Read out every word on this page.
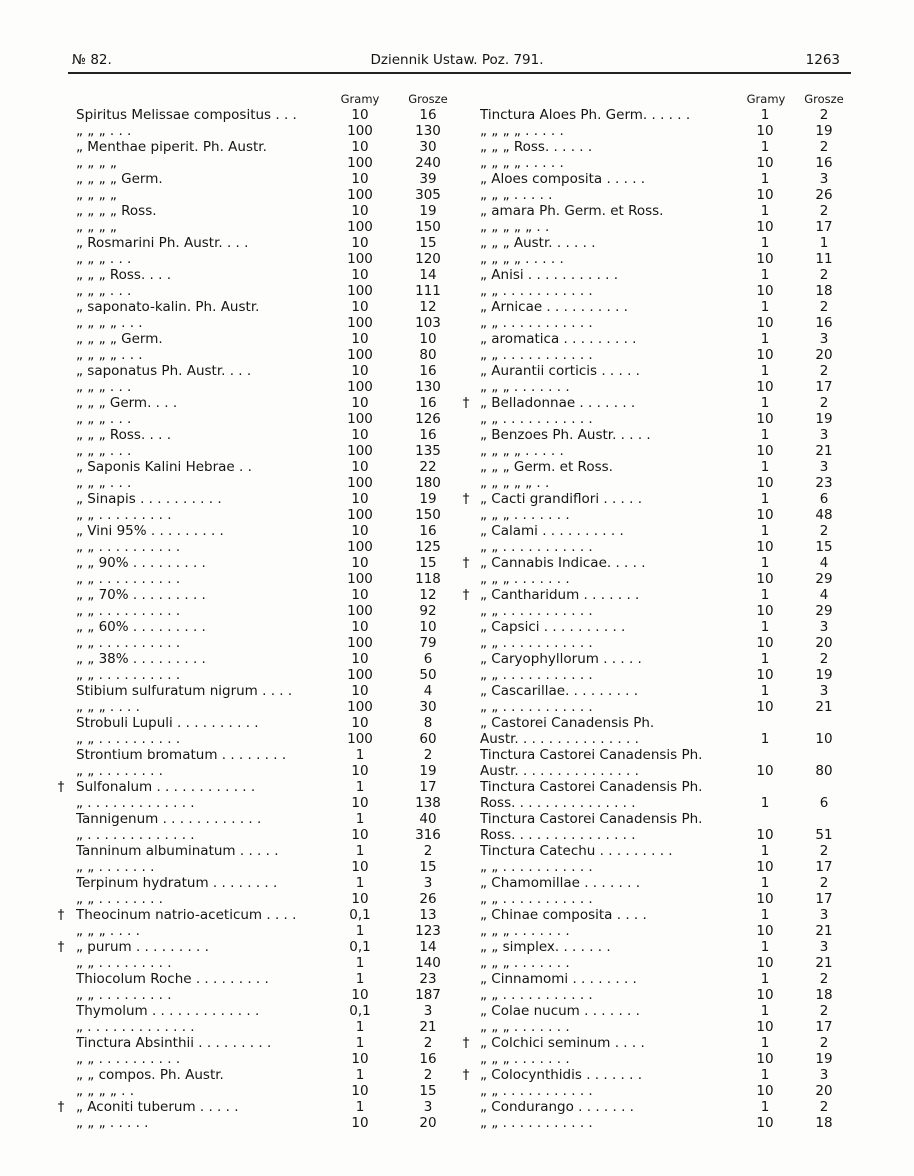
№ 82.	Dziennik Ustaw. Poz. 791.	1263
Gramy	Grosze
Spiritus Melissae compositus . . .	10	16
„ „ „ . . .	100	130
„ Menthae piperit. Ph. Austr.	10	30
„ „ „ „	100	240
„ „ „ „ Germ.	10	39
„ „ „ „	100	305
„ „ „ „ Ross.	10	19
„ „ „ „	100	150
„ Rosmarini Ph. Austr. . . .	10	15
„ „ „ . . .	100	120
„ „ „ Ross. . . .	10	14
„ „ „ . . .	100	111
„ saponato-kalin. Ph. Austr.	10	12
„ „ „ „ . . .	100	103
„ „ „ „ Germ.	10	10
„ „ „ „ . . .	100	80
„ saponatus Ph. Austr. . . .	10	16
„ „ „ . . .	100	130
„ „ „ Germ. . . .	10	16
„ „ „ . . .	100	126
„ „ „ Ross. . . .	10	16
„ „ „ . . .	100	135
„ Saponis Kalini Hebrae . .	10	22
„ „ „ . . .	100	180
„ Sinapis . . . . . . . . . .	10	19
„ „ . . . . . . . . .	100	150
„ Vini 95% . . . . . . . . .	10	16
„ „ . . . . . . . . . .	100	125
„ „ 90% . . . . . . . . .	10	15
„ „ . . . . . . . . . .	100	118
„ „ 70% . . . . . . . . .	10	12
„ „ . . . . . . . . . .	100	92
„ „ 60% . . . . . . . . .	10	10
„ „ . . . . . . . . . .	100	79
„ „ 38% . . . . . . . . .	10	6
„ „ . . . . . . . . . .	100	50
Stibium sulfuratum nigrum . . . .	10	4
„ „ „ . . . .	100	30
Strobuli Lupuli . . . . . . . . . .	10	8
„ „ . . . . . . . . . .	100	60
Strontium bromatum . . . . . . . .	1	2
„ „ . . . . . . . .	10	19
† Sulfonalum . . . . . . . . . . . .	1	17
„ . . . . . . . . . . . . .	10	138
Tannigenum . . . . . . . . . . . .	1	40
„ . . . . . . . . . . . . .	10	316
Tanninum albuminatum . . . . .	1	2
„ „ . . . . . . .	10	15
Terpinum hydratum . . . . . . . .	1	3
„ „ . . . . . . . .	10	26
† Theocinum natrio-aceticum . . . .	0,1	13
„ „ „ . . . .	1	123
† „ purum . . . . . . . . .	0,1	14
„ „ . . . . . . . . .	1	140
Thiocolum Roche . . . . . . . . .	1	23
„ „ . . . . . . . . .	10	187
Thymolum . . . . . . . . . . . . .	0,1	3
„ . . . . . . . . . . . . .	1	21
Tinctura Absinthii . . . . . . . . .	1	2
„ „ . . . . . . . . . .	10	16
„ „ compos. Ph. Austr.	1	2
„ „ „ „ . .	10	15
† „ Aconiti tuberum . . . . .	1	3
„ „ „ . . . . .	10	20
Gramy	Grosze
Tinctura Aloes Ph. Germ. . . . . .	1	2
„ „ „ „ . . . . .	10	19
„ „ „ Ross. . . . . .	1	2
„ „ „ „ . . . . .	10	16
„ Aloes composita . . . . .	1	3
„ „ „ . . . . .	10	26
„ amara Ph. Germ. et Ross.	1	2
„ „ „ „ „ . .	10	17
„ „ „ Austr. . . . . .	1	1
„ „ „ „ . . . . .	10	11
„ Anisi . . . . . . . . . . .	1	2
„ „ . . . . . . . . . . .	10	18
„ Arnicae . . . . . . . . . .	1	2
„ „ . . . . . . . . . . .	10	16
„ aromatica . . . . . . . . .	1	3
„ „ . . . . . . . . . . .	10	20
„ Aurantii corticis . . . . .	1	2
„ „ „ . . . . . . .	10	17
† „ Belladonnae . . . . . . .	1	2
„ „ . . . . . . . . . . .	10	19
„ Benzoes Ph. Austr. . . . .	1	3
„ „ „ „ . . . . .	10	21
„ „ „ Germ. et Ross.	1	3
„ „ „ „ „ . .	10	23
† „ Cacti grandiflori . . . . .	1	6
„ „ „ . . . . . . .	10	48
„ Calami . . . . . . . . . .	1	2
„ „ . . . . . . . . . . .	10	15
† „ Cannabis Indicae. . . . .	1	4
„ „ „ . . . . . . .	10	29
† „ Cantharidum . . . . . . .	1	4
„ „ . . . . . . . . . . .	10	29
„ Capsici . . . . . . . . . .	1	3
„ „ . . . . . . . . . . .	10	20
„ Caryophyllorum . . . . .	1	2
„ „ . . . . . . . . . . .	10	19
„ Cascarillae. . . . . . . . .	1	3
„ „ . . . . . . . . . . .	10	21
„ Castorei Canadensis Ph.
Austr. . . . . . . . . . . . . . .	1	10
Tinctura Castorei Canadensis Ph.
Austr. . . . . . . . . . . . . . .	10	80
Tinctura Castorei Canadensis Ph.
Ross. . . . . . . . . . . . . . .	1	6
Tinctura Castorei Canadensis Ph.
Ross. . . . . . . . . . . . . . .	10	51
Tinctura Catechu . . . . . . . . .	1	2
„ „ . . . . . . . . . . .	10	17
„ Chamomillae . . . . . . .	1	2
„ „ . . . . . . . . . . .	10	17
„ Chinae composita . . . .	1	3
„ „ „ . . . . . . .	10	21
„ „ simplex. . . . . . .	1	3
„ „ „ . . . . . . .	10	21
„ Cinnamomi . . . . . . . .	1	2
„ „ . . . . . . . . . . .	10	18
„ Colae nucum . . . . . . .	1	2
„ „ „ . . . . . . .	10	17
† „ Colchici seminum . . . .	1	2
„ „ „ . . . . . . .	10	19
† „ Colocynthidis . . . . . . .	1	3
„ „ . . . . . . . . . . .	10	20
„ Condurango . . . . . . .	1	2
„ „ . . . . . . . . . . .	10	18
